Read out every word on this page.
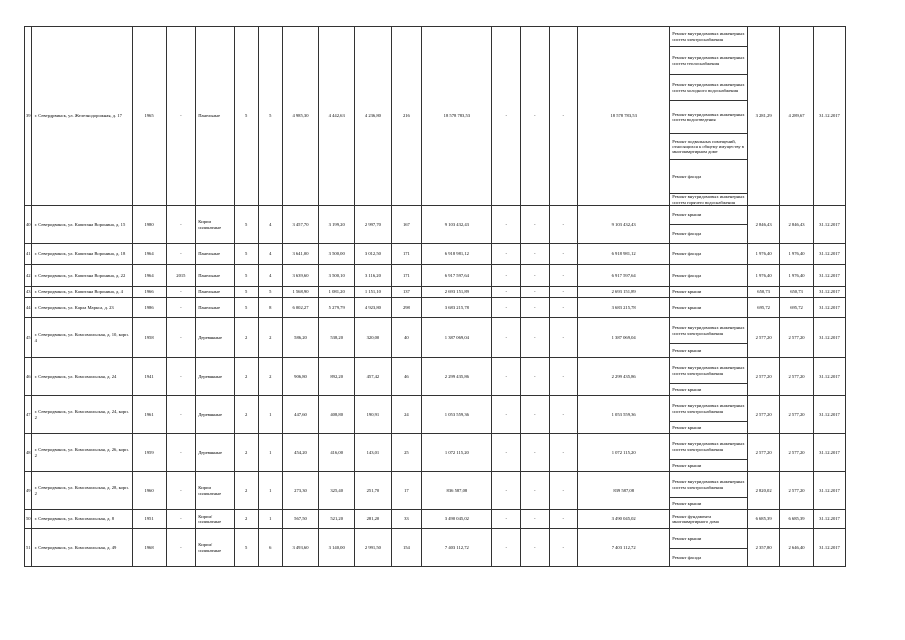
39	г. Севердрвинск, ул. Железнодорожная, д. 17	1965	-	Панельные	5	5	4 985,30	4 442,63	4 236,80	216	18 578 783,53	-	-	-	18 578 783,53	Ремонт внутридомовых инженерных систем электроснабжения	3 281,29	4 289,67	31.12.2017
																Ремонт внутридомовых инженерных систем теплоснабжения			
																Ремонт внутридомовых инженерных систем холодного водоснабжения			
																Ремонт внутридомовых инженерных систем водоотведения			
																Ремонт подвальных помещений, относящихся к общему имуществу в многоквартирном доме			
																Ремонт фасада			
																Ремонт внутридомовых инженерных систем горячего водоснабжения			
40	г. Северодвинск, ул. Капитана Воронина, д. 15	1980	-	Кирпи силикатные	5	4	3 457,70	3 199,20	2 997,70	167	9 103 432,43	-	-	-	9 103 432,43	Ремонт крыши	2 846,43	2 846,43	31.12.2017
																Ремонт фасада			
41	г. Северодвинск, ул. Капитана Воронина, д. 18	1964	-	Панельные	5	4	3 641,00	3 500,00	3 012,50	171	6 918 981,12	-	-	-	6 918 981,12	Ремонт фасада	1 976,40	1 976,40	31.12.2017
42	г. Северодвинск, ул. Капитана Воронина, д. 22	1964	2015	Панельные	5	4	3 639,60	3 500,10	3 116,20	171	6 917 597,64	-	-	-	6 917 597,64	Ремонт фасада	1 976,40	1 976,40	31.12.2017
43	г. Северодвинск, ул. Капитана Воронина, д. 4	1966	-	Панельные	5	5	1 568,90	1 081,20	1 151,10	137	2 693 151,89	-	-	-	2 693 151,89	Ремонт крыши	650,73	650,73	31.12.2017
44	г. Северодвинск, ул. Карла Маркса, д. 23	1986	-	Панельные	5	8	6 002,27	5 279,79	4 923,80	298	3 683 215,78	-	-	-	3 683 215,78	Ремонт крыши	695,72	695,72	31.12.2017
45	г. Северодвинск, ул. Комсомольская, д. 10, корп. 4	1958	-	Деревянные	2	2	586,20	538,20	320,00	40	1 387 069,04	-	-	-	1 387 069,04	Ремонт внутридомовых инженерных систем электроснабжения	2 577,20	2 577,20	31.12.2017
																Ремонт крыши			
46	г. Северодвинск, ул. Комсомольская, д. 24	1941	-	Деревянные	2	2	906,80	892,20	457,42	46	2 299 435,86	-	-	-	2 299 435,86	Ремонт внутридомовых инженерных систем электроснабжения	2 577,20	2 577,20	31.12.2017
																Ремонт крыши			
47	г. Северодвинск, ул. Комсомольская, д. 24, корп. 2	1961	-	Деревянные	2	1	447,60	408,80	190,91	24	1 053 559,36	-	-	-	1 053 559,36	Ремонт внутридомовых инженерных систем электроснабжения	2 577,20	2 577,20	31.12.2017
																Ремонт крыши			
48	г. Северодвинск, ул. Комсомольская, д. 26, корп. 2	1959	-	Деревянные	2	1	454,20	416,00	143,01	25	1 072 115,20	-	-	-	1 072 115,20	Ремонт внутридомовых инженерных систем электроснабжения	2 577,20	2 577,20	31.12.2017
																Ремонт крыши			
49	г. Северодвинск, ул. Комсомольская, д. 28, корп. 2	1960	-	Кирпи силикатные	2	1	273,30	325,40	251,70	17	836 587,08	-	-	-	839 587,08	Ремонт внутридомовых инженерных систем электроснабжения	2 820,02	2 577,20	31.12.2017
																Ремонт крыши			
50	г. Северодвинск, ул. Комсомольская, д. 8	1951	-	Кирпи/ силикатные	2	1	567,50	521,20	281,20	33	3 490 045,02	-	-	-	3 490 045,02	Ремонт фундамента многоквартирного дома	6 685,39	6 685,39	31.12.2017
51	г. Северодвинск, ул. Комсомольская, д. 49	1968	-	Кирпи/ силикатные	5	6	3 493,60	3 140,00	2 991,50	154	7 403 112,72	-	-	-	7 403 112,72	Ремонт крыши	2 357,80	2 646,40	31.12.2017
																Ремонт фасада			
